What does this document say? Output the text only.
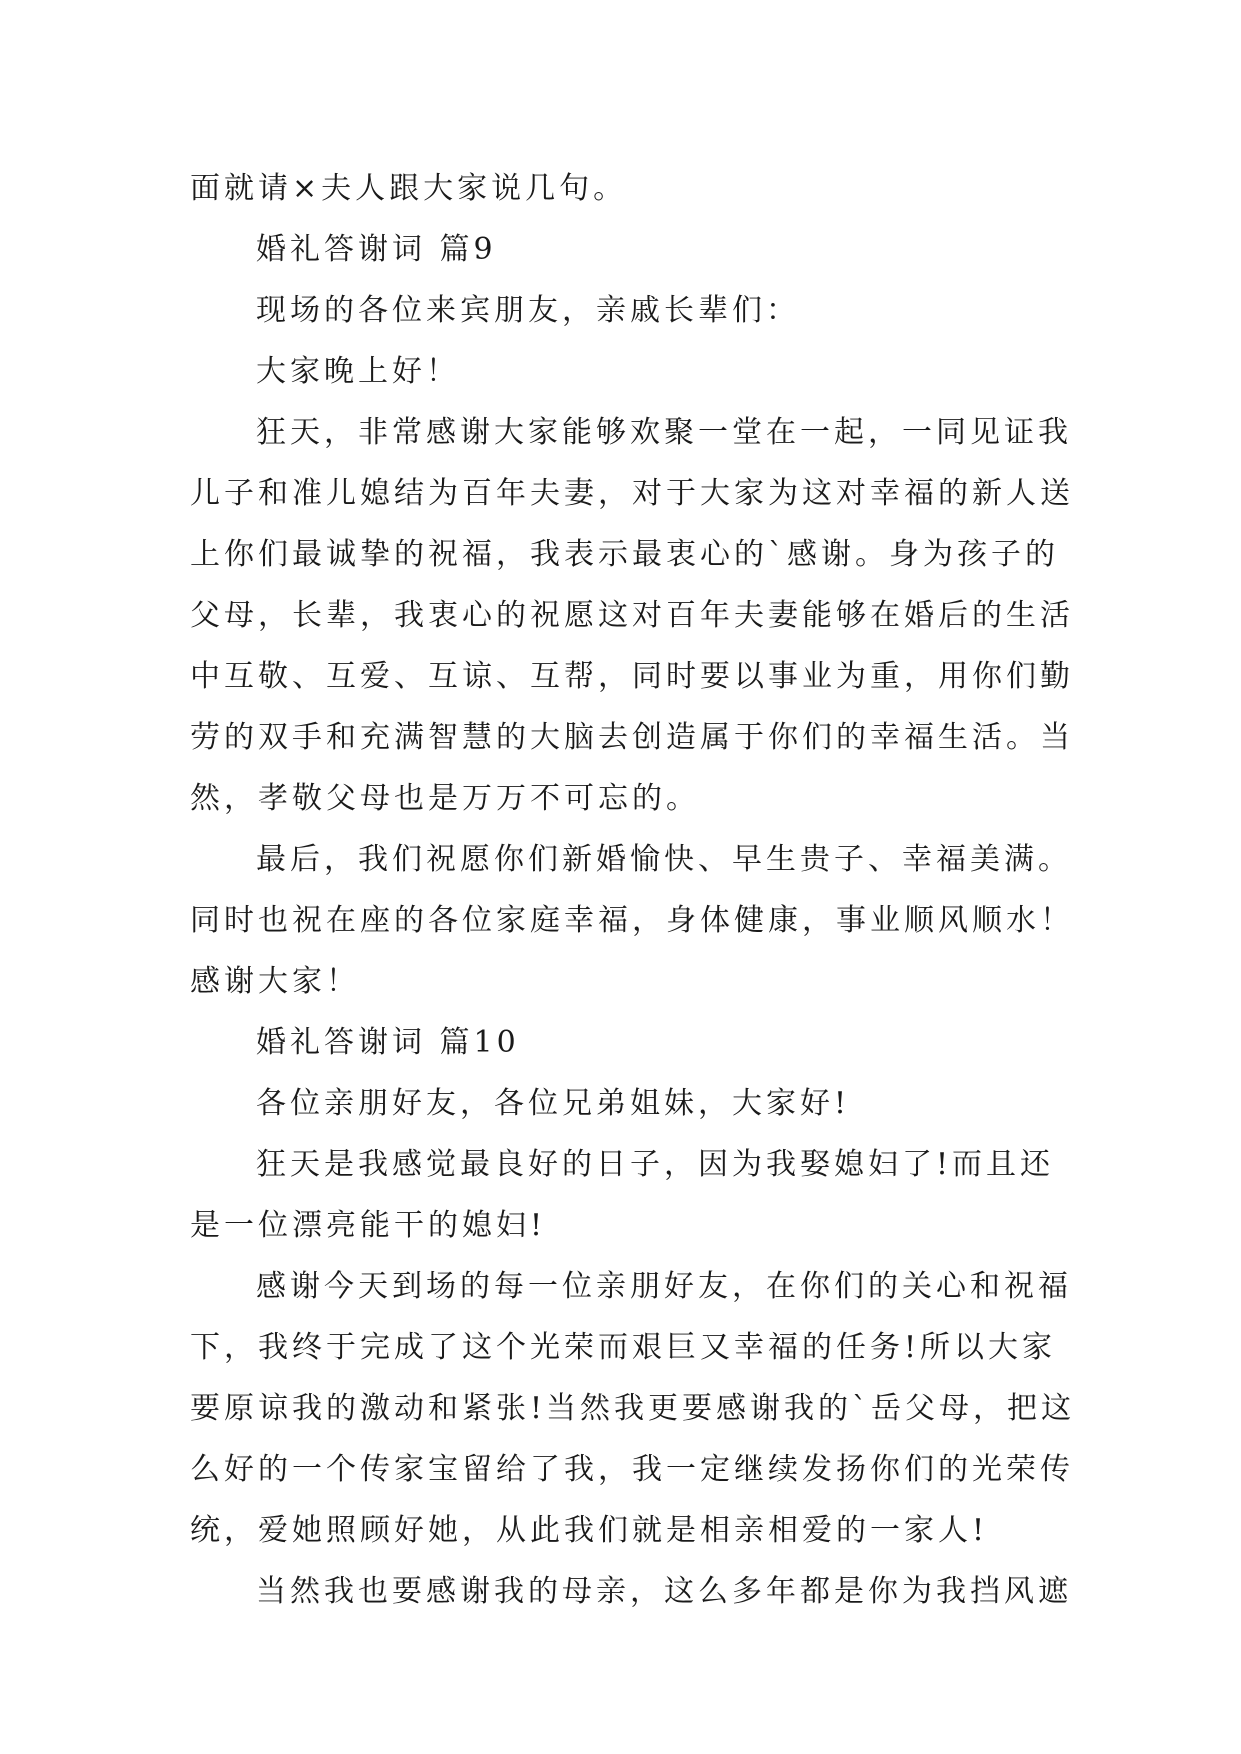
面就请×夫人跟大家说几句。
婚礼答谢词 篇9
现场的各位来宾朋友，亲戚长辈们：
大家晚上好！
狂天，非常感谢大家能够欢聚一堂在一起，一同见证我
儿子和准儿媳结为百年夫妻，对于大家为这对幸福的新人送
上你们最诚挚的祝福，我表示最衷心的`感谢。身为孩子的
父母，长辈，我衷心的祝愿这对百年夫妻能够在婚后的生活
中互敬、互爱、互谅、互帮，同时要以事业为重，用你们勤
劳的双手和充满智慧的大脑去创造属于你们的幸福生活。当
然，孝敬父母也是万万不可忘的。
最后，我们祝愿你们新婚愉快、早生贵子、幸福美满。
同时也祝在座的各位家庭幸福，身体健康，事业顺风顺水！
感谢大家！
婚礼答谢词 篇10
各位亲朋好友，各位兄弟姐妹，大家好!
狂天是我感觉最良好的日子，因为我娶媳妇了!而且还
是一位漂亮能干的媳妇!
感谢今天到场的每一位亲朋好友，在你们的关心和祝福
下，我终于完成了这个光荣而艰巨又幸福的任务!所以大家
要原谅我的激动和紧张!当然我更要感谢我的`岳父母，把这
么好的一个传家宝留给了我，我一定继续发扬你们的光荣传
统，爱她照顾好她，从此我们就是相亲相爱的一家人!
当然我也要感谢我的母亲，这么多年都是你为我挡风遮
